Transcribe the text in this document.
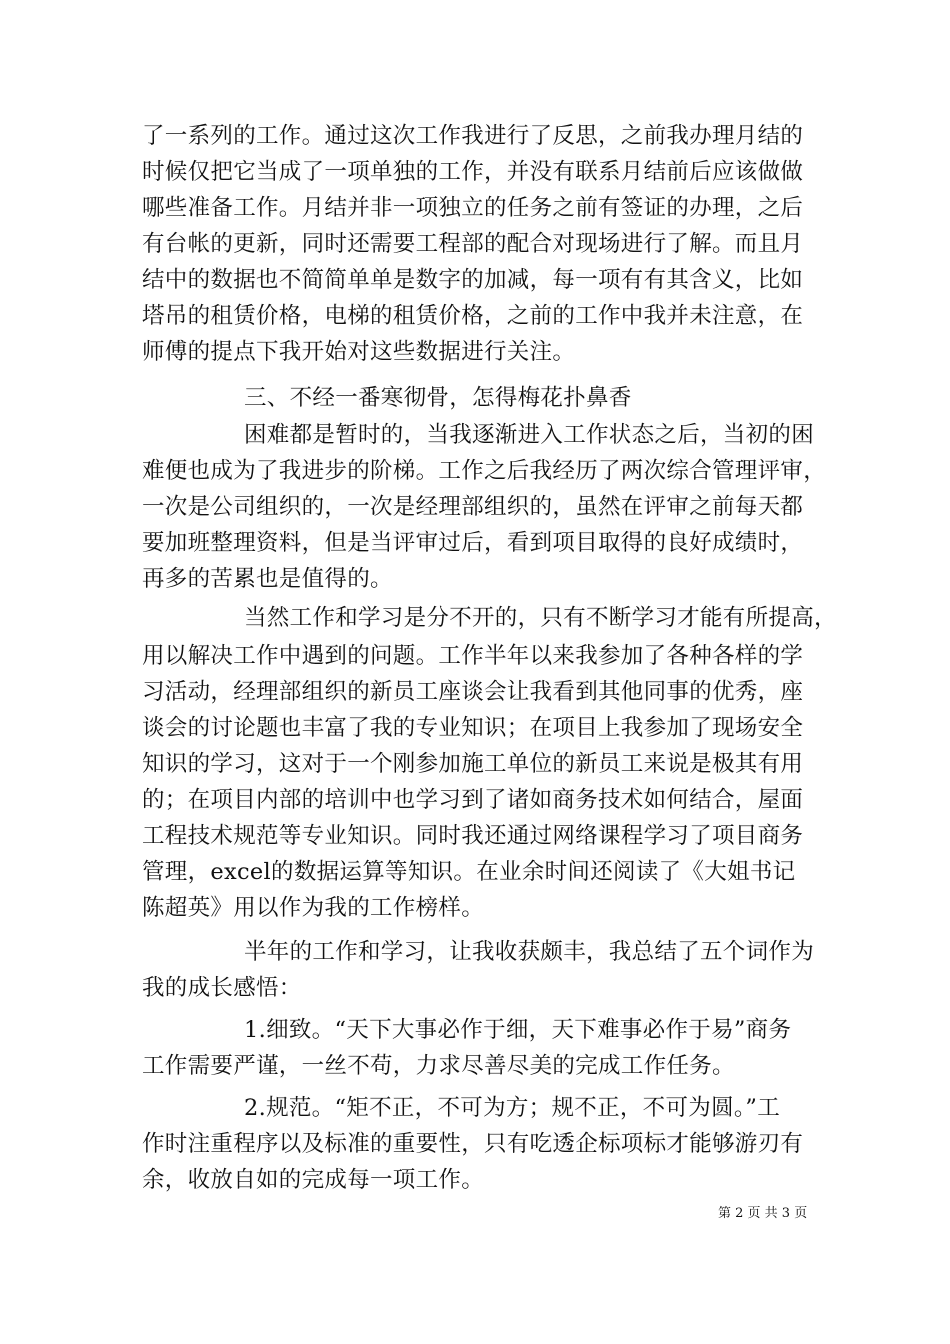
了一系列的工作。通过这次工作我进行了反思，之前我办理月结的
时候仅把它当成了一项单独的工作，并没有联系月结前后应该做做
哪些准备工作。月结并非一项独立的任务之前有签证的办理，之后
有台帐的更新，同时还需要工程部的配合对现场进行了解。而且月
结中的数据也不简简单单是数字的加减，每一项有有其含义，比如
塔吊的租赁价格，电梯的租赁价格，之前的工作中我并未注意，在
师傅的提点下我开始对这些数据进行关注。
三、不经一番寒彻骨，怎得梅花扑鼻香
困难都是暂时的，当我逐渐进入工作状态之后，当初的困
难便也成为了我进步的阶梯。工作之后我经历了两次综合管理评审，
一次是公司组织的，一次是经理部组织的，虽然在评审之前每天都
要加班整理资料，但是当评审过后，看到项目取得的良好成绩时，
再多的苦累也是值得的。
当然工作和学习是分不开的，只有不断学习才能有所提高，
用以解决工作中遇到的问题。工作半年以来我参加了各种各样的学
习活动，经理部组织的新员工座谈会让我看到其他同事的优秀，座
谈会的讨论题也丰富了我的专业知识；在项目上我参加了现场安全
知识的学习，这对于一个刚参加施工单位的新员工来说是极其有用
的；在项目内部的培训中也学习到了诸如商务技术如何结合，屋面
工程技术规范等专业知识。同时我还通过网络课程学习了项目商务
管理，excel的数据运算等知识。在业余时间还阅读了《大姐书记
陈超英》用以作为我的工作榜样。
半年的工作和学习，让我收获颇丰，我总结了五个词作为
我的成长感悟：
1.细致。“天下大事必作于细，天下难事必作于易”商务
工作需要严谨，一丝不苟，力求尽善尽美的完成工作任务。
2.规范。“矩不正，不可为方；规不正，不可为圆。”工
作时注重程序以及标准的重要性，只有吃透企标项标才能够游刃有
余，收放自如的完成每一项工作。
第 2 页 共 3 页
